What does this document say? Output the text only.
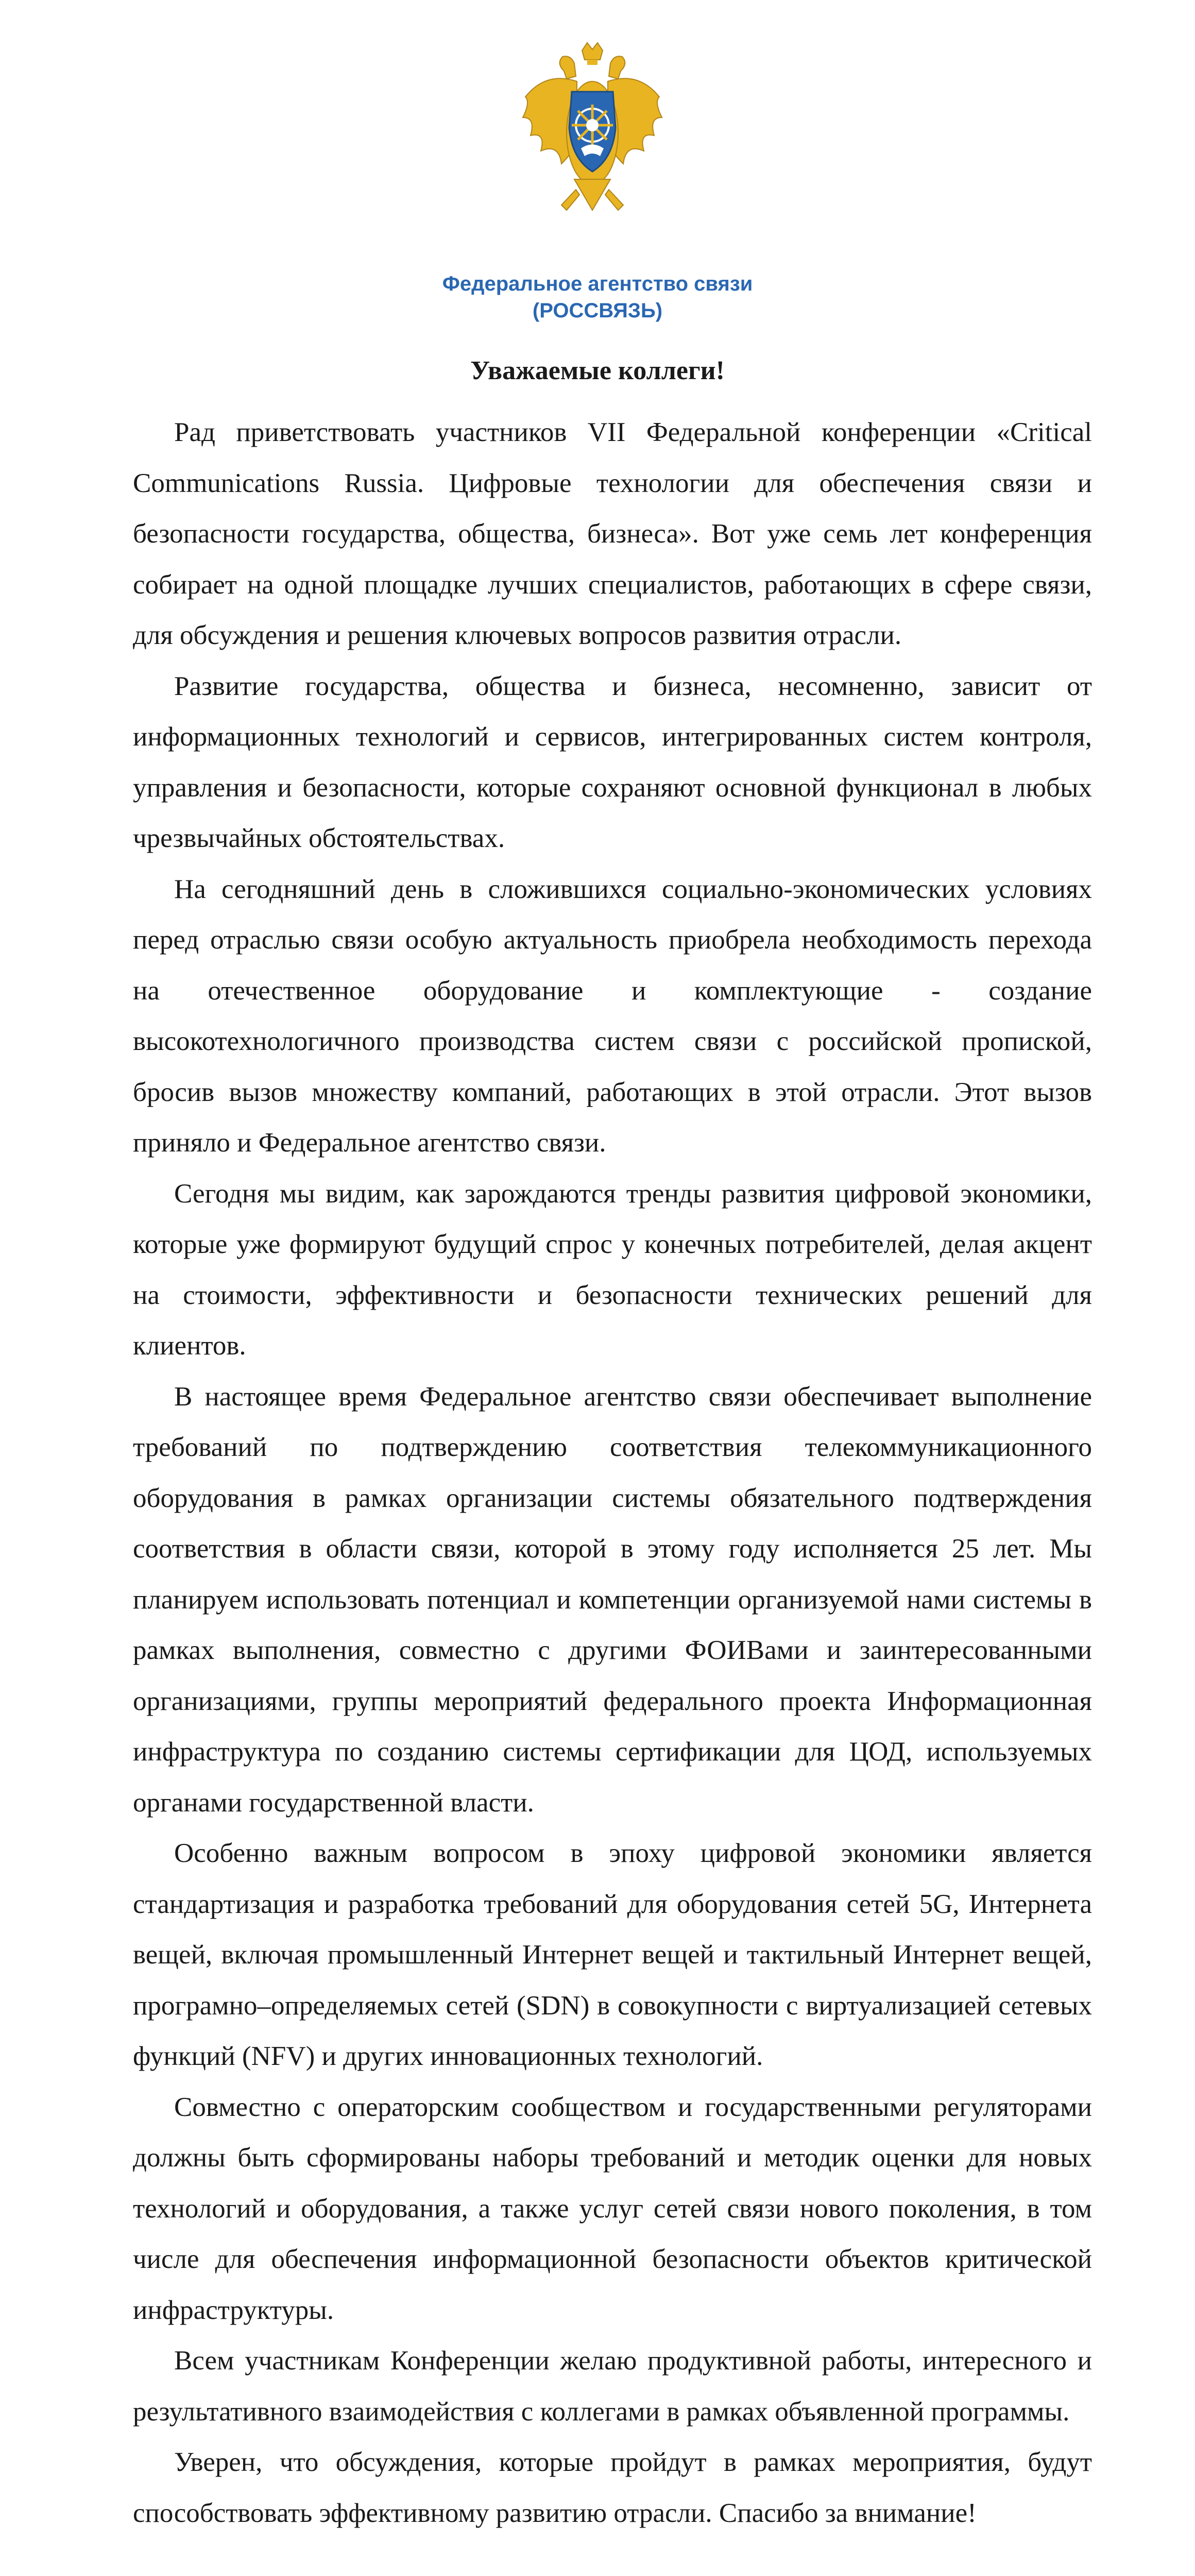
Федеральное агентство связи
(РОССВЯЗЬ)
Уважаемые коллеги!

Рад приветствовать участников VII Федеральной конференции «Critical Communications Russia. Цифровые технологии для обеспечения связи и безопасности государства, общества, бизнеса». Вот уже семь лет конференция собирает на одной площадке лучших специалистов, работающих в сфере связи, для обсуждения и решения ключевых вопросов развития отрасли.

Развитие государства, общества и бизнеса, несомненно, зависит от информационных технологий и сервисов, интегрированных систем контроля, управления и безопасности, которые сохраняют основной функционал в любых чрезвычайных обстоятельствах.

На сегодняшний день в сложившихся социально-экономических условиях перед отраслью связи особую актуальность приобрела необходимость перехода на отечественное оборудование и комплектующие - создание высокотехнологичного производства систем связи с российской пропиской, бросив вызов множеству компаний, работающих в этой отрасли. Этот вызов приняло и Федеральное агентство связи.

Сегодня мы видим, как зарождаются тренды развития цифровой экономики, которые уже формируют будущий спрос у конечных потребителей, делая акцент на стоимости, эффективности и безопасности технических решений для клиентов.

В настоящее время Федеральное агентство связи обеспечивает выполнение требований по подтверждению соответствия телекоммуникационного оборудования в рамках организации системы обязательного подтверждения соответствия в области связи, которой в этому году исполняется 25 лет. Мы планируем использовать потенциал и компетенции организуемой нами системы в рамках выполнения, совместно с другими ФОИВами и заинтересованными организациями, группы мероприятий федерального проекта Информационная инфраструктура по созданию системы сертификации для ЦОД, используемых органами государственной власти.

Особенно важным вопросом в эпоху цифровой экономики является стандартизация и разработка требований для оборудования сетей 5G, Интернета вещей, включая промышленный Интернет вещей и тактильный Интернет вещей, програмно–определяемых сетей (SDN) в совокупности с виртуализацией сетевых функций (NFV) и других инновационных технологий.

Совместно с операторским сообществом и государственными регуляторами должны быть сформированы наборы требований и методик оценки для новых технологий и оборудования, а также услуг сетей связи нового поколения, в том числе для обеспечения информационной безопасности объектов критической инфраструктуры.

Всем участникам Конференции желаю продуктивной работы, интересного и результативного взаимодействия с коллегами в рамках объявленной программы.

Уверен, что обсуждения, которые пройдут в рамках мероприятия, будут способствовать эффективному развитию отрасли. Спасибо за внимание!
